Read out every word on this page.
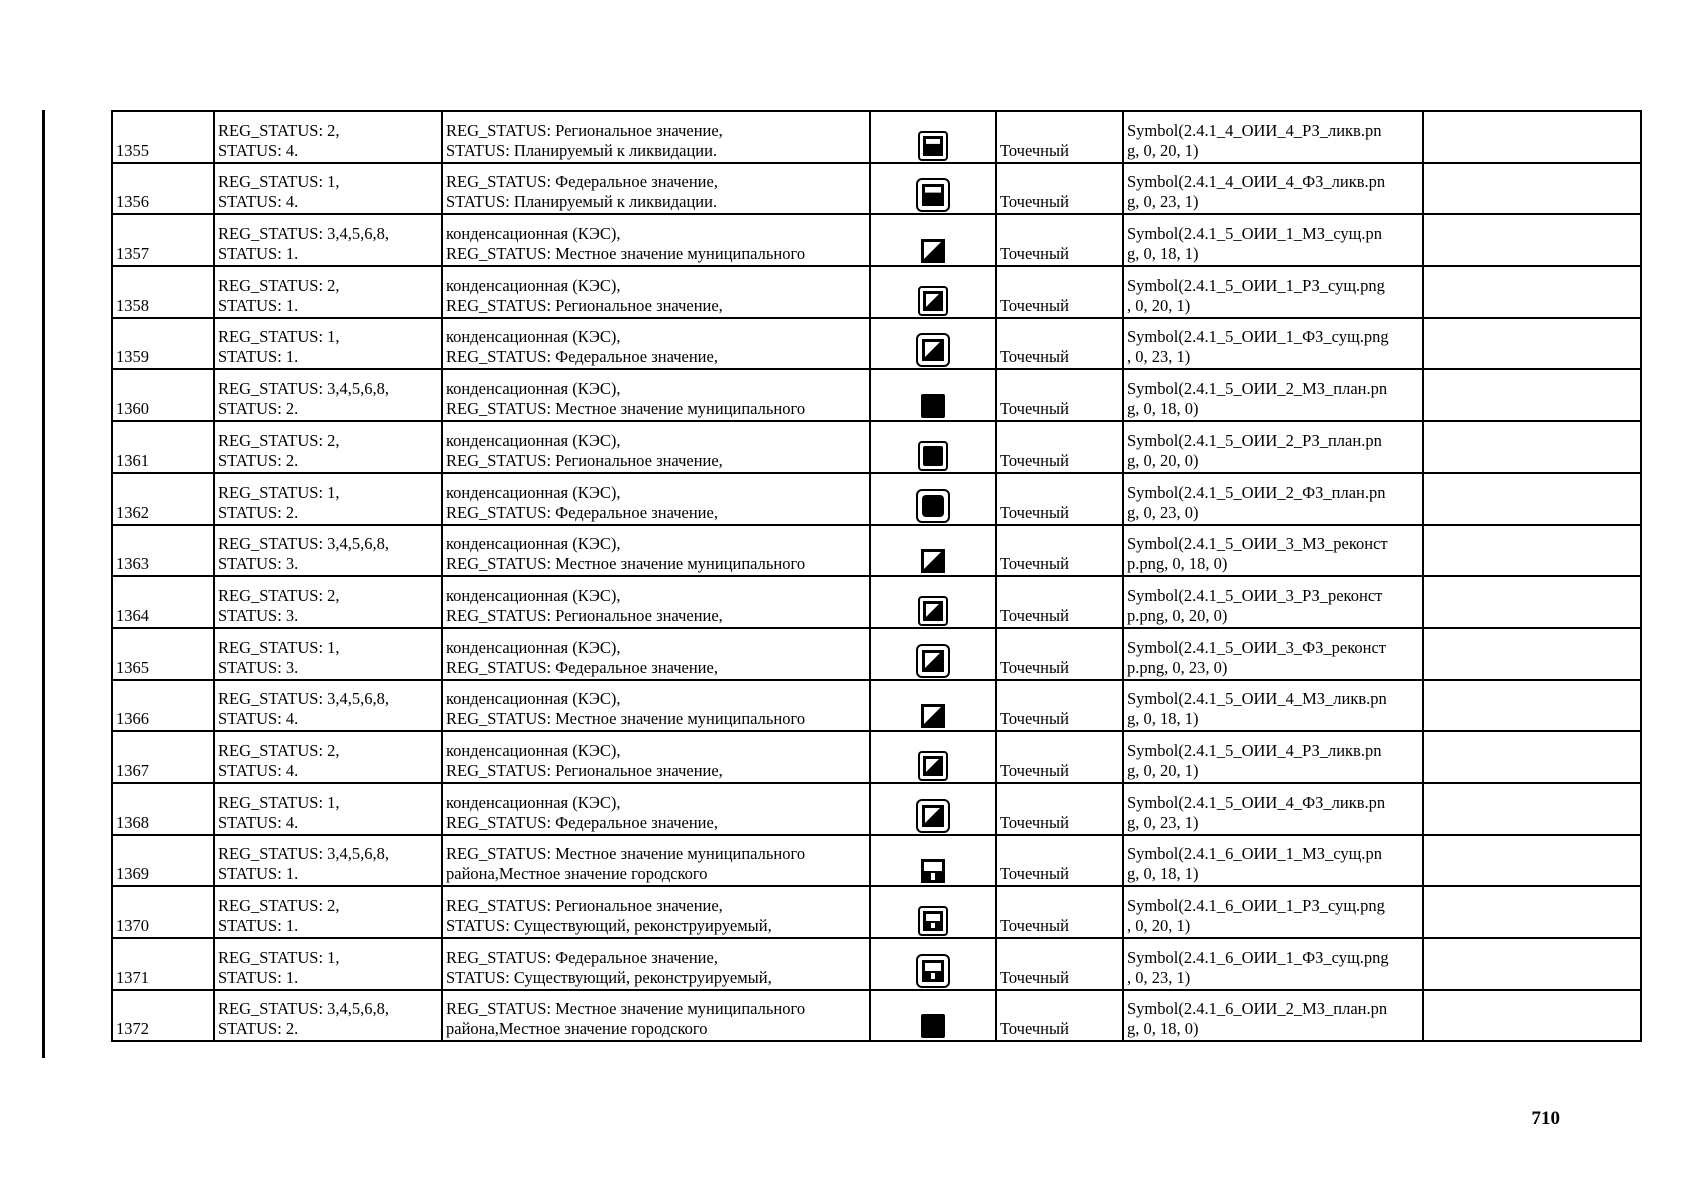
1355	REG_STATUS: 2,
STATUS: 4.	REG_STATUS: Региональное значение,
STATUS: Планируемый к ликвидации.		Точечный	Symbol(2.4.1_4_ОИИ_4_РЗ_ликв.pn
g, 0, 20, 1)	

1356	REG_STATUS: 1,
STATUS: 4.	REG_STATUS: Федеральное значение,
STATUS: Планируемый к ликвидации.		Точечный	Symbol(2.4.1_4_ОИИ_4_ФЗ_ликв.pn
g, 0, 23, 1)	

1357	REG_STATUS: 3,4,5,6,8,
STATUS: 1.	конденсационная (КЭС),
REG_STATUS: Местное значение муниципального		Точечный	Symbol(2.4.1_5_ОИИ_1_МЗ_сущ.pn
g, 0, 18, 1)	

1358	REG_STATUS: 2,
STATUS: 1.	конденсационная (КЭС),
REG_STATUS: Региональное значение,		Точечный	Symbol(2.4.1_5_ОИИ_1_РЗ_сущ.png
, 0, 20, 1)	

1359	REG_STATUS: 1,
STATUS: 1.	конденсационная (КЭС),
REG_STATUS: Федеральное значение,		Точечный	Symbol(2.4.1_5_ОИИ_1_ФЗ_сущ.png
, 0, 23, 1)	

1360	REG_STATUS: 3,4,5,6,8,
STATUS: 2.	конденсационная (КЭС),
REG_STATUS: Местное значение муниципального		Точечный	Symbol(2.4.1_5_ОИИ_2_МЗ_план.pn
g, 0, 18, 0)	

1361	REG_STATUS: 2,
STATUS: 2.	конденсационная (КЭС),
REG_STATUS: Региональное значение,		Точечный	Symbol(2.4.1_5_ОИИ_2_РЗ_план.pn
g, 0, 20, 0)	

1362	REG_STATUS: 1,
STATUS: 2.	конденсационная (КЭС),
REG_STATUS: Федеральное значение,		Точечный	Symbol(2.4.1_5_ОИИ_2_ФЗ_план.pn
g, 0, 23, 0)	

1363	REG_STATUS: 3,4,5,6,8,
STATUS: 3.	конденсационная (КЭС),
REG_STATUS: Местное значение муниципального		Точечный	Symbol(2.4.1_5_ОИИ_3_МЗ_реконст
р.png, 0, 18, 0)	

1364	REG_STATUS: 2,
STATUS: 3.	конденсационная (КЭС),
REG_STATUS: Региональное значение,		Точечный	Symbol(2.4.1_5_ОИИ_3_РЗ_реконст
р.png, 0, 20, 0)	

1365	REG_STATUS: 1,
STATUS: 3.	конденсационная (КЭС),
REG_STATUS: Федеральное значение,		Точечный	Symbol(2.4.1_5_ОИИ_3_ФЗ_реконст
р.png, 0, 23, 0)	

1366	REG_STATUS: 3,4,5,6,8,
STATUS: 4.	конденсационная (КЭС),
REG_STATUS: Местное значение муниципального		Точечный	Symbol(2.4.1_5_ОИИ_4_МЗ_ликв.pn
g, 0, 18, 1)	

1367	REG_STATUS: 2,
STATUS: 4.	конденсационная (КЭС),
REG_STATUS: Региональное значение,		Точечный	Symbol(2.4.1_5_ОИИ_4_РЗ_ликв.pn
g, 0, 20, 1)	

1368	REG_STATUS: 1,
STATUS: 4.	конденсационная (КЭС),
REG_STATUS: Федеральное значение,		Точечный	Symbol(2.4.1_5_ОИИ_4_ФЗ_ликв.pn
g, 0, 23, 1)	

1369	REG_STATUS: 3,4,5,6,8,
STATUS: 1.	REG_STATUS: Местное значение муниципального
района,Местное значение городского		Точечный	Symbol(2.4.1_6_ОИИ_1_МЗ_сущ.pn
g, 0, 18, 1)	

1370	REG_STATUS: 2,
STATUS: 1.	REG_STATUS: Региональное значение,
STATUS: Существующий, реконструируемый,		Точечный	Symbol(2.4.1_6_ОИИ_1_РЗ_сущ.png
, 0, 20, 1)	

1371	REG_STATUS: 1,
STATUS: 1.	REG_STATUS: Федеральное значение,
STATUS: Существующий, реконструируемый,		Точечный	Symbol(2.4.1_6_ОИИ_1_ФЗ_сущ.png
, 0, 23, 1)	

1372	REG_STATUS: 3,4,5,6,8,
STATUS: 2.	REG_STATUS: Местное значение муниципального
района,Местное значение городского		Точечный	Symbol(2.4.1_6_ОИИ_2_МЗ_план.pn
g, 0, 18, 0)	

710
